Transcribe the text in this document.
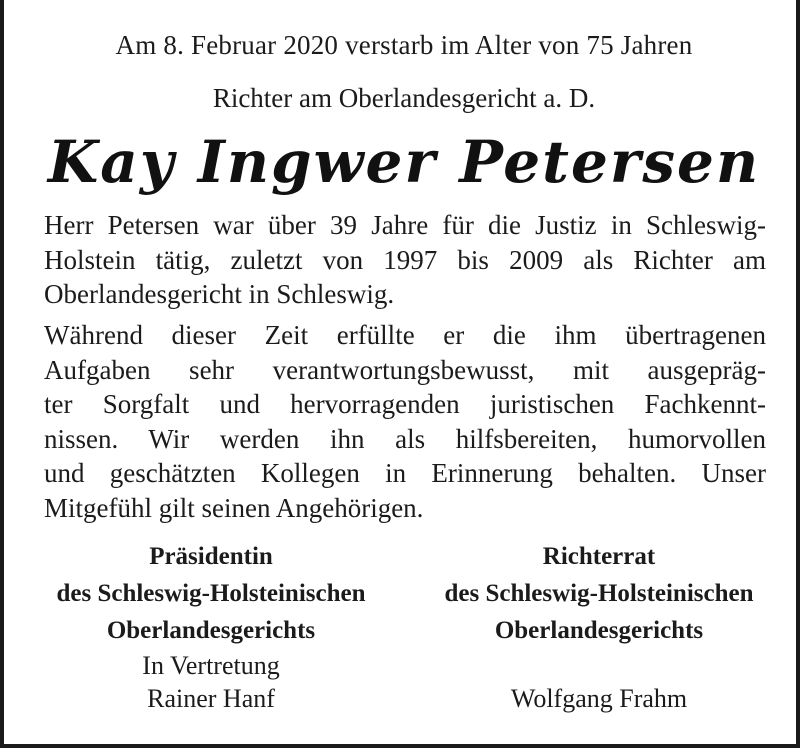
Am 8. Februar 2020 verstarb im Alter von 75 Jahren
Richter am Oberlandesgericht a. D.
Kay Ingwer Petersen
Herr Petersen war über 39 Jahre für die Justiz in Schleswig-
Holstein tätig, zuletzt von 1997 bis 2009 als Richter am
Oberlandesgericht in Schleswig.
Während dieser Zeit erfüllte er die ihm übertragenen
Aufgaben sehr verantwortungsbewusst, mit ausgepräg-
ter Sorgfalt und hervorragenden juristischen Fachkennt-
nissen. Wir werden ihn als hilfsbereiten, humorvollen
und geschätzten Kollegen in Erinnerung behalten. Unser
Mitgefühl gilt seinen Angehörigen.
Präsidentin
des Schleswig-Holsteinischen
Oberlandesgerichts
In Vertretung
Rainer Hanf
Richterrat
des Schleswig-Holsteinischen
Oberlandesgerichts
Wolfgang Frahm
